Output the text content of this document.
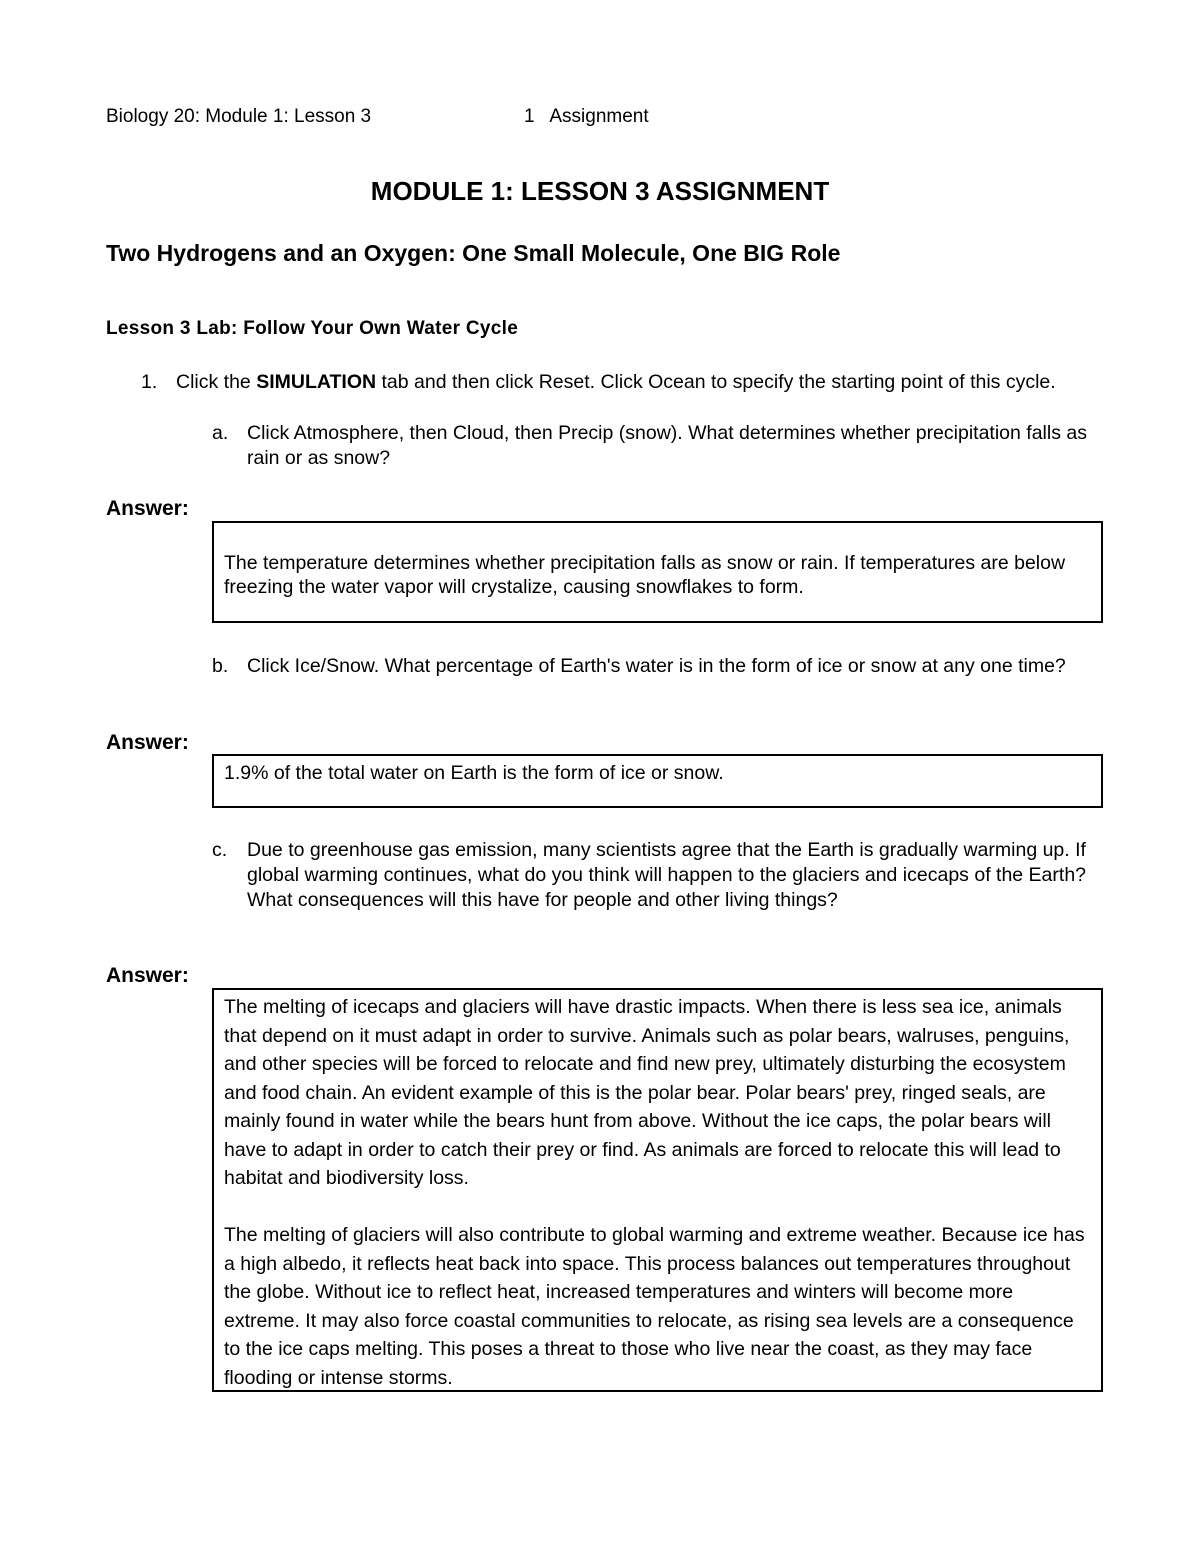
Biology 20: Module 1: Lesson 3	1   Assignment
MODULE 1: LESSON 3 ASSIGNMENT
Two Hydrogens and an Oxygen: One Small Molecule, One BIG Role
Lesson 3 Lab: Follow Your Own Water Cycle
1. Click the SIMULATION tab and then click Reset. Click Ocean to specify the starting point of this cycle.
a. Click Atmosphere, then Cloud, then Precip (snow). What determines whether precipitation falls as rain or as snow?
Answer:
The temperature determines whether precipitation falls as snow or rain. If temperatures are below freezing the water vapor will crystalize, causing snowflakes to form.
b. Click Ice/Snow. What percentage of Earth's water is in the form of ice or snow at any one time?
Answer:
1.9% of the total water on Earth is the form of ice or snow.
c. Due to greenhouse gas emission, many scientists agree that the Earth is gradually warming up. If global warming continues, what do you think will happen to the glaciers and icecaps of the Earth? What consequences will this have for people and other living things?
Answer:

The melting of icecaps and glaciers will have drastic impacts. When there is less sea ice, animals that depend on it must adapt in order to survive. Animals such as polar bears, walruses, penguins, and other species will be forced to relocate and find new prey, ultimately disturbing the ecosystem and food chain. An evident example of this is the polar bear. Polar bears' prey, ringed seals, are mainly found in water while the bears hunt from above. Without the ice caps, the polar bears will have to adapt in order to catch their prey or find. As animals are forced to relocate this will lead to habitat and biodiversity loss.

The melting of glaciers will also contribute to global warming and extreme weather. Because ice has a high albedo, it reflects heat back into space. This process balances out temperatures throughout the globe. Without ice to reflect heat, increased temperatures and winters will become more extreme. It may also force coastal communities to relocate, as rising sea levels are a consequence to the ice caps melting. This poses a threat to those who live near the coast, as they may face flooding or intense storms.
